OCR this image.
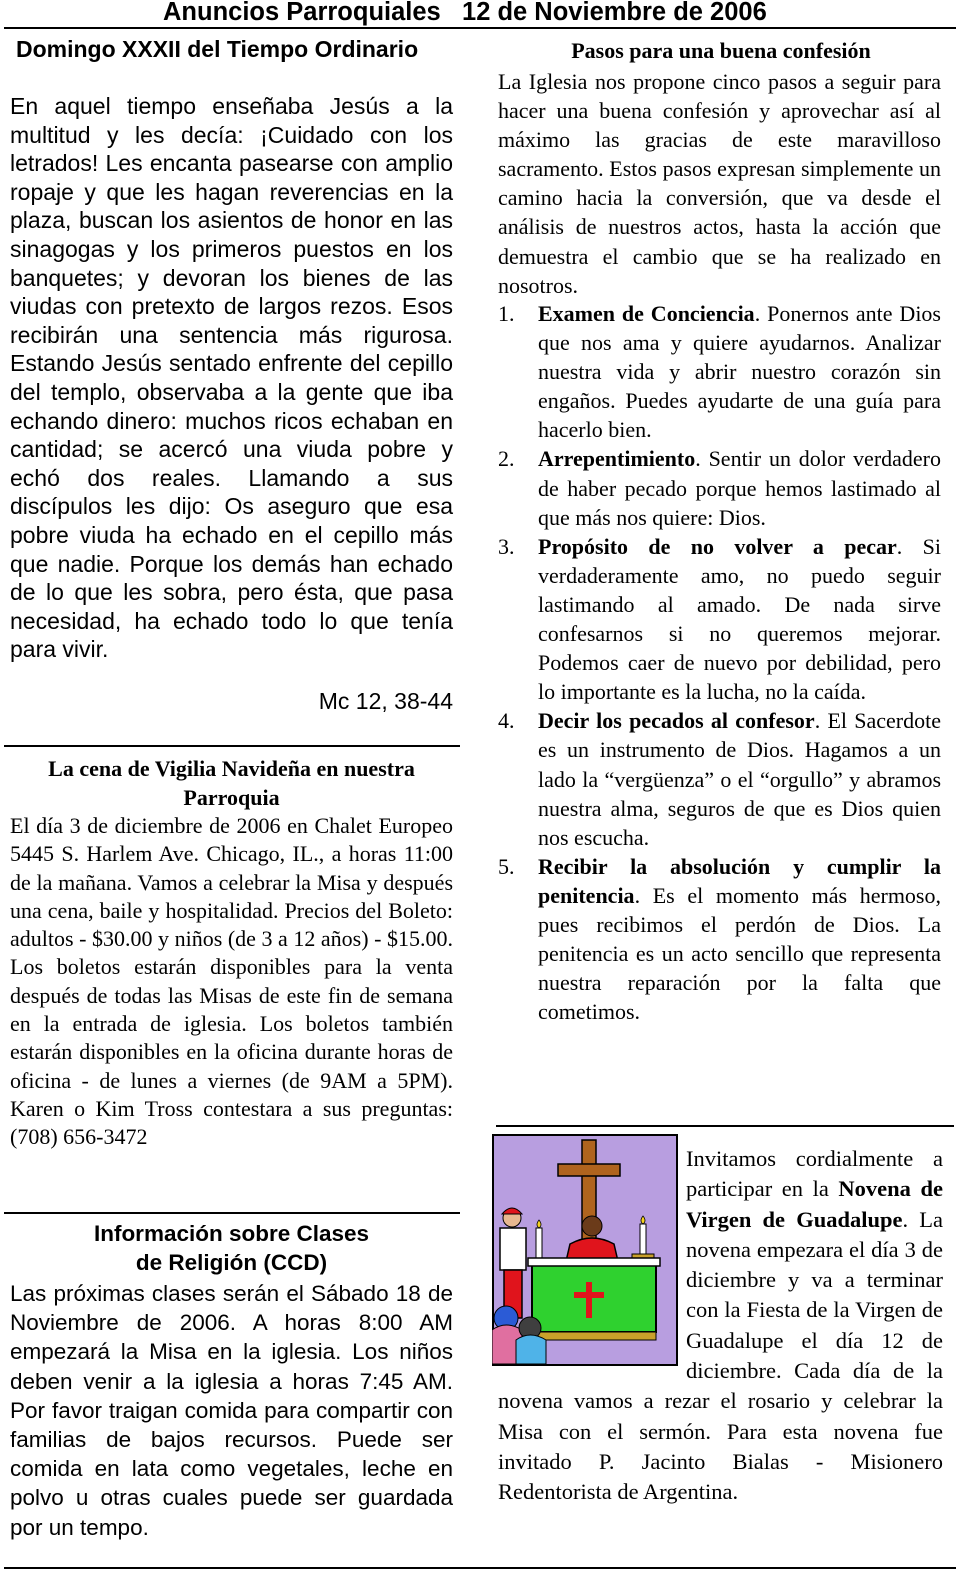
Anuncios Parroquiales 12 de Noviembre de 2006
Domingo XXXII del Tiempo Ordinario
En aquel tiempo enseñaba Jesús a la multitud y les decía: ¡Cuidado con los letrados! Les encanta pasearse con amplio ropaje y que les hagan reverencias en la plaza, buscan los asientos de honor en las sinagogas y los primeros puestos en los banquetes; y devoran los bienes de las viudas con pretexto de largos rezos. Esos recibirán una sentencia más rigurosa. Estando Jesús sentado enfrente del cepillo del templo, observaba a la gente que iba echando dinero: muchos ricos echaban en cantidad; se acercó una viuda pobre y echó dos reales. Llamando a sus discípulos les dijo: Os aseguro que esa pobre viuda ha echado en el cepillo más que nadie. Porque los demás han echado de lo que les sobra, pero ésta, que pasa necesidad, ha echado todo lo que tenía para vivir.
Mc 12, 38-44
La cena de Vigilia Navideña en nuestra Parroquia
El día 3 de diciembre de 2006 en Chalet Europeo 5445 S. Harlem Ave. Chicago, IL., a horas 11:00 de la mañana. Vamos a celebrar la Misa y después una cena, baile y hospitalidad. Precios del Boleto: adultos - $30.00 y niños (de 3 a 12 años) - $15.00. Los boletos estarán disponibles para la venta después de todas las Misas de este fin de semana en la entrada de iglesia. Los boletos también estarán disponibles en la oficina durante horas de oficina - de lunes a viernes (de 9AM a 5PM). Karen o Kim Tross contestara a sus preguntas: (708) 656-3472
Información sobre Clases
de Religión (CCD)
Las próximas clases serán el Sábado 18 de Noviembre de 2006. A horas 8:00 AM empezará la Misa en la iglesia. Los niños deben venir a la iglesia a horas 7:45 AM. Por favor traigan comida para compartir con familias de bajos recursos. Puede ser comida en lata como vegetales, leche en polvo u otras cuales puede ser guardada por un tempo.
Pasos para una buena confesión
La Iglesia nos propone cinco pasos a seguir para hacer una buena confesión y aprovechar así al máximo las gracias de este maravilloso sacramento. Estos pasos expresan simplemente un camino hacia la conversión, que va desde el análisis de nuestros actos, hasta la acción que demuestra el cambio que se ha realizado en nosotros.
1. Examen de Conciencia. Ponernos ante Dios que nos ama y quiere ayudarnos. Analizar nuestra vida y abrir nuestro corazón sin engaños. Puedes ayudarte de una guía para hacerlo bien.
2. Arrepentimiento. Sentir un dolor verdadero de haber pecado porque hemos lastimado al que más nos quiere: Dios.
3. Propósito de no volver a pecar. Si verdaderamente amo, no puedo seguir lastimando al amado. De nada sirve confesarnos si no queremos mejorar. Podemos caer de nuevo por debilidad, pero lo importante es la lucha, no la caída.
4. Decir los pecados al confesor. El Sacerdote es un instrumento de Dios. Hagamos a un lado la “vergüenza” o el “orgullo” y abramos nuestra alma, seguros de que es Dios quien nos escucha.
5. Recibir la absolución y cumplir la penitencia. Es el momento más hermoso, pues recibimos el perdón de Dios. La penitencia es un acto sencillo que representa nuestra reparación por la falta que cometimos.
Invitamos cordialmente a participar en la Novena de Virgen de Guadalupe. La novena empezara el día 3 de diciembre y va a terminar con la Fiesta de la Virgen de Guadalupe el día 12 de diciembre. Cada día de la novena vamos a rezar el rosario y celebrar la Misa con el sermón. Para esta novena fue invitado P. Jacinto Bialas - Misionero Redentorista de Argentina.
